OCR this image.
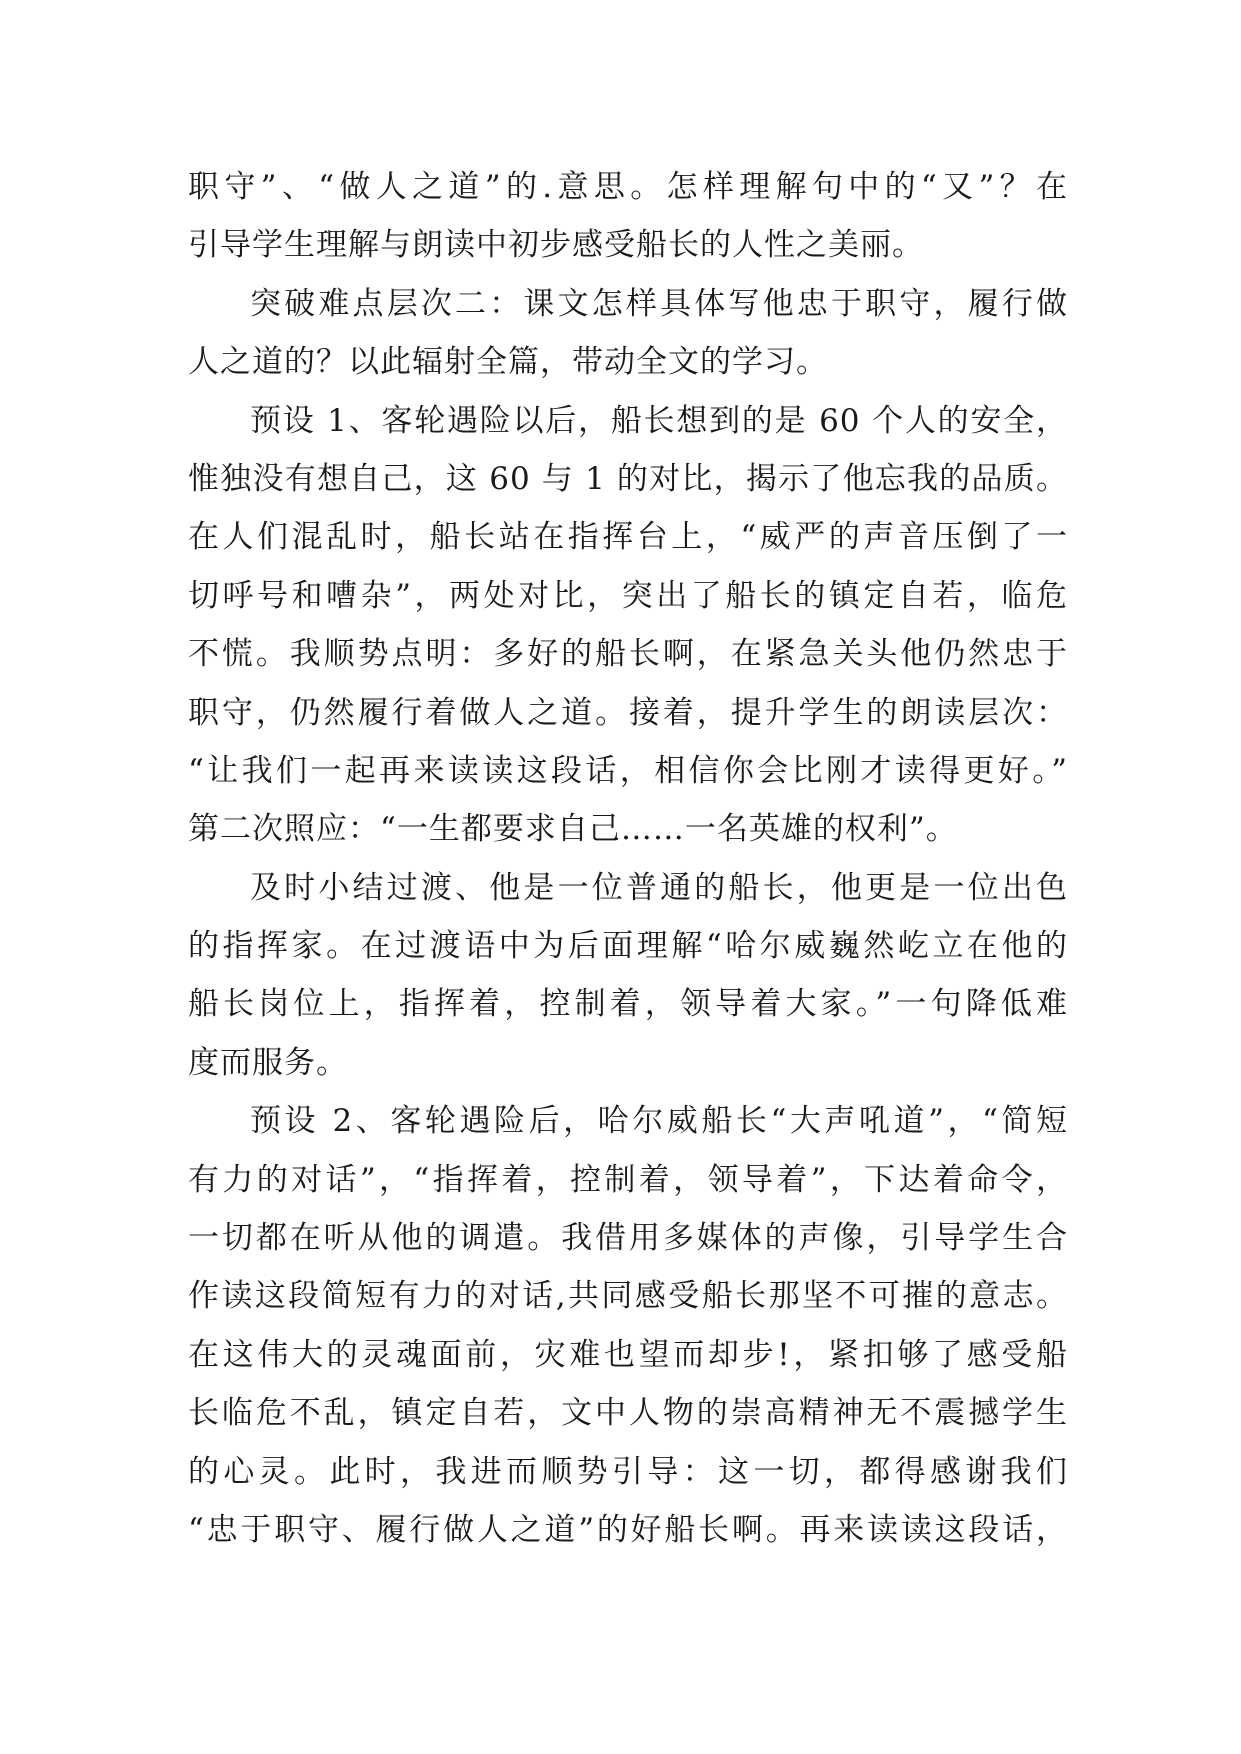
职守”、“做人之道”的.意思。怎样理解句中的“又”？在
引导学生理解与朗读中初步感受船长的人性之美丽。
突破难点层次二：课文怎样具体写他忠于职守，履行做
人之道的？以此辐射全篇，带动全文的学习。
预设 1、客轮遇险以后，船长想到的是 60 个人的安全，
惟独没有想自己，这 60 与 1 的对比，揭示了他忘我的品质。
在人们混乱时，船长站在指挥台上，“威严的声音压倒了一
切呼号和嘈杂”，两处对比，突出了船长的镇定自若，临危
不慌。我顺势点明：多好的船长啊，在紧急关头他仍然忠于
职守，仍然履行着做人之道。接着，提升学生的朗读层次：
“让我们一起再来读读这段话，相信你会比刚才读得更好。”
第二次照应：“一生都要求自己……一名英雄的权利”。
及时小结过渡、他是一位普通的船长，他更是一位出色
的指挥家。在过渡语中为后面理解“哈尔威巍然屹立在他的
船长岗位上，指挥着，控制着，领导着大家。”一句降低难
度而服务。
预设 2、客轮遇险后，哈尔威船长“大声吼道”，“简短
有力的对话”，“指挥着，控制着，领导着”，下达着命令，
一切都在听从他的调遣。我借用多媒体的声像，引导学生合
作读这段简短有力的对话,共同感受船长那坚不可摧的意志。
在这伟大的灵魂面前，灾难也望而却步!，紧扣够了感受船
长临危不乱，镇定自若，文中人物的崇高精神无不震撼学生
的心灵。此时，我进而顺势引导：这一切，都得感谢我们
“忠于职守、履行做人之道”的好船长啊。再来读读这段话，
